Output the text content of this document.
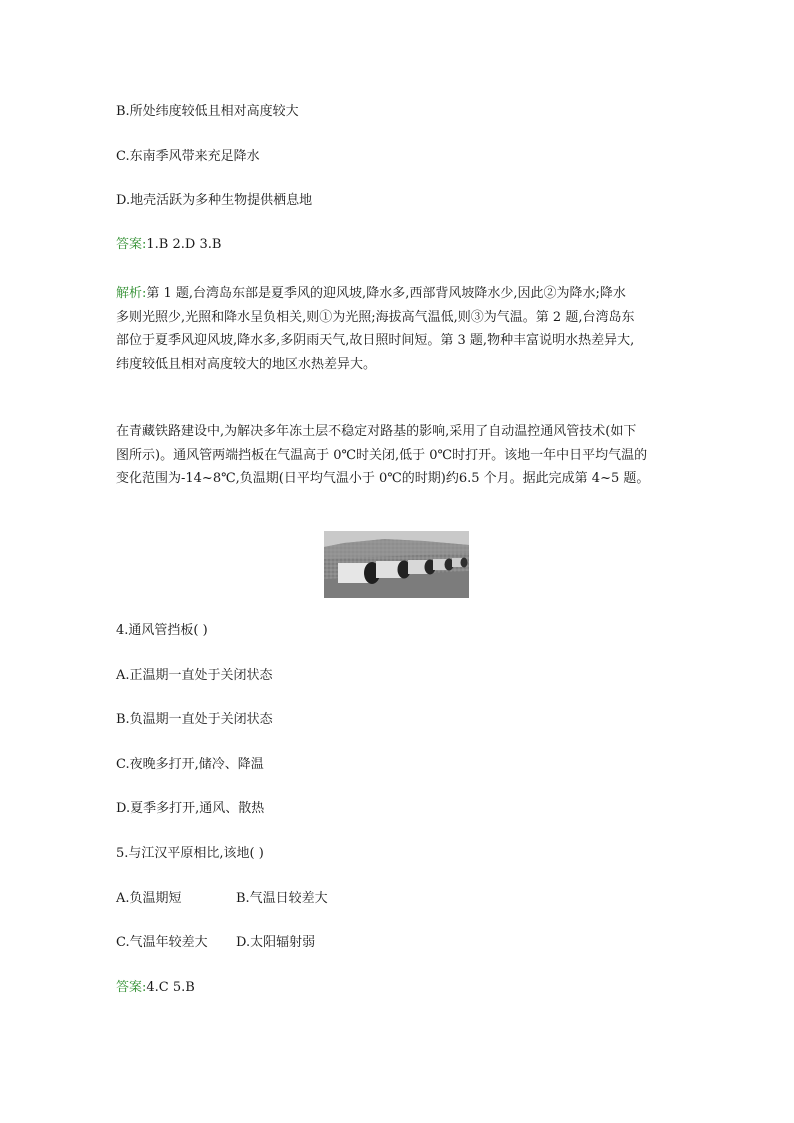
B.所处纬度较低且相对高度较大
C.东南季风带来充足降水
D.地壳活跃为多种生物提供栖息地
答案:1.B 2.D 3.B
解析:第 1 题,台湾岛东部是夏季风的迎风坡,降水多,西部背风坡降水少,因此②为降水;降水
多则光照少,光照和降水呈负相关,则①为光照;海拔高气温低,则③为气温。第 2 题,台湾岛东
部位于夏季风迎风坡,降水多,多阴雨天气,故日照时间短。第 3 题,物种丰富说明水热差异大,
纬度较低且相对高度较大的地区水热差异大。
在青藏铁路建设中,为解决多年冻土层不稳定对路基的影响,采用了自动温控通风管技术(如下
图所示)。通风管两端挡板在气温高于 0℃时关闭,低于 0℃时打开。该地一年中日平均气温的
变化范围为-14~8℃,负温期(日平均气温小于 0℃的时期)约6.5 个月。据此完成第 4~5 题。
4.通风管挡板( )
A.正温期一直处于关闭状态
B.负温期一直处于关闭状态
C.夜晚多打开,储冷、降温
D.夏季多打开,通风、散热
5.与江汉平原相比,该地( )
A.负温期短	B.气温日较差大
C.气温年较差大 D.太阳辐射弱
答案:4.C 5.B
